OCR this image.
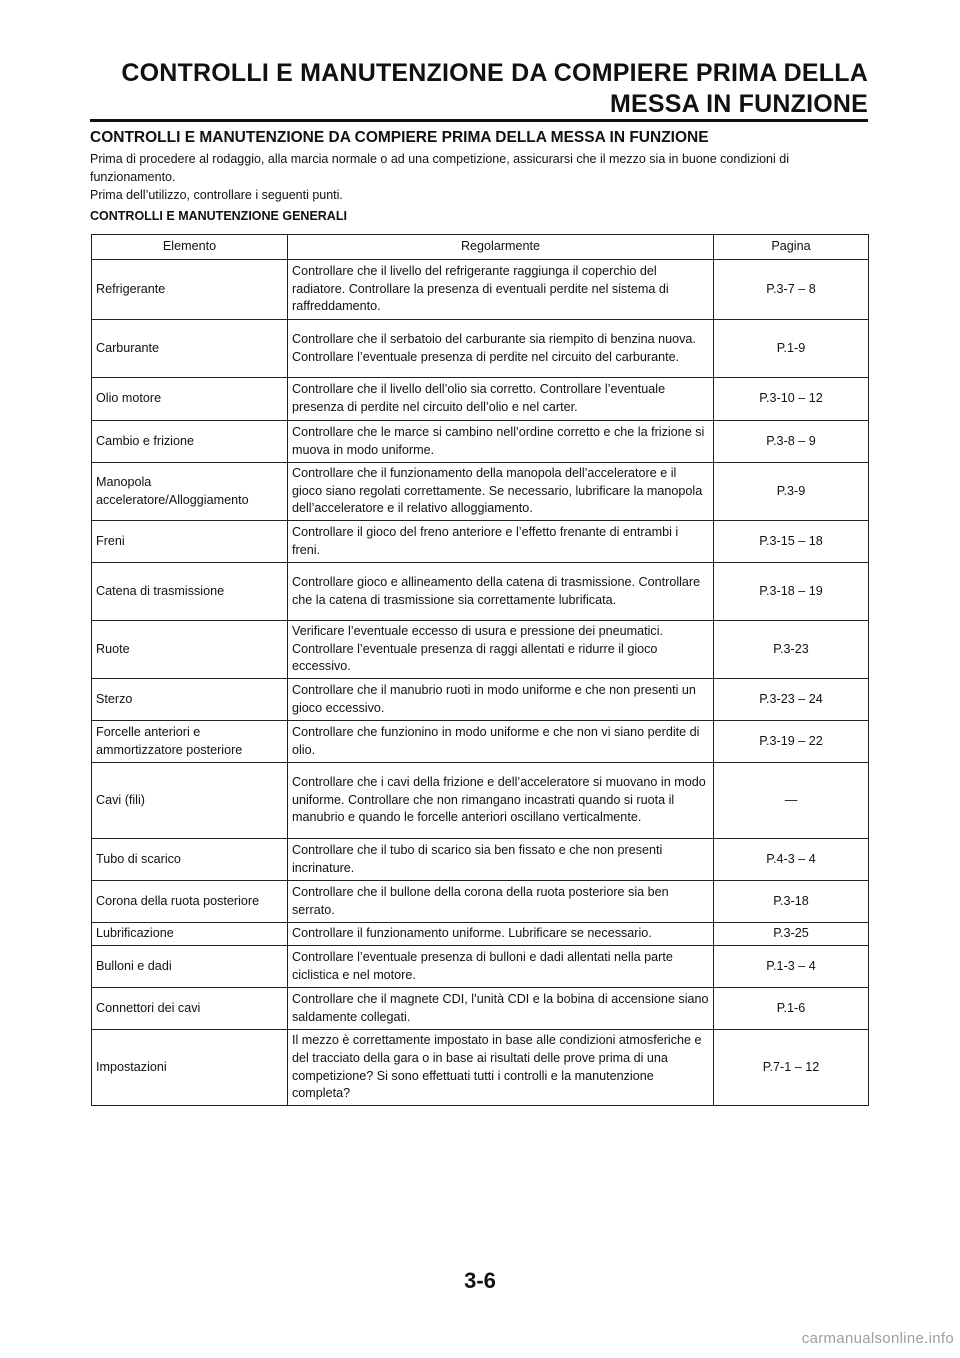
CONTROLLI E MANUTENZIONE DA COMPIERE PRIMA DELLA
MESSA IN FUNZIONE
CONTROLLI E MANUTENZIONE DA COMPIERE PRIMA DELLA MESSA IN FUNZIONE

Prima di procedere al rodaggio, alla marcia normale o ad una competizione, assicurarsi che il mezzo sia in buone condizioni di funzionamento.

Prima dell’utilizzo, controllare i seguenti punti.

CONTROLLI E MANUTENZIONE GENERALI
Elemento	Regolarmente	Pagina
Refrigerante	Controllare che il livello del refrigerante raggiunga il coperchio del radiatore. Controllare la presenza di eventuali perdite nel sistema di raffreddamento.	P.3-7 – 8
Carburante	Controllare che il serbatoio del carburante sia riempito di benzina nuova. Controllare l’eventuale presenza di perdite nel circuito del carburante.	P.1-9
Olio motore	Controllare che il livello dell’olio sia corretto. Controllare l’eventuale presenza di perdite nel circuito dell’olio e nel carter.	P.3-10 – 12
Cambio e frizione	Controllare che le marce si cambino nell’ordine corretto e che la frizione si muova in modo uniforme.	P.3-8 – 9
Manopola acceleratore/Alloggiamento	Controllare che il funzionamento della manopola dell’acceleratore e il gioco siano regolati correttamente. Se necessario, lubrificare la manopola dell’acceleratore e il relativo alloggiamento.	P.3-9
Freni	Controllare il gioco del freno anteriore e l’effetto frenante di entrambi i freni.	P.3-15 – 18
Catena di trasmissione	Controllare gioco e allineamento della catena di trasmissione. Controllare che la catena di trasmissione sia correttamente lubrificata.	P.3-18 – 19
Ruote	Verificare l’eventuale eccesso di usura e pressione dei pneumatici. Controllare l’eventuale presenza di raggi allentati e ridurre il gioco eccessivo.	P.3-23
Sterzo	Controllare che il manubrio ruoti in modo uniforme e che non presenti un gioco eccessivo.	P.3-23 – 24
Forcelle anteriori e ammortizzatore posteriore	Controllare che funzionino in modo uniforme e che non vi siano perdite di olio.	P.3-19 – 22
Cavi (fili)	Controllare che i cavi della frizione e dell’acceleratore si muovano in modo uniforme. Controllare che non rimangano incastrati quando si ruota il manubrio e quando le forcelle anteriori oscillano verticalmente.	—
Tubo di scarico	Controllare che il tubo di scarico sia ben fissato e che non presenti incrinature.	P.4-3 – 4
Corona della ruota posteriore	Controllare che il bullone della corona della ruota posteriore sia ben serrato.	P.3-18
Lubrificazione	Controllare il funzionamento uniforme. Lubrificare se necessario.	P.3-25
Bulloni e dadi	Controllare l’eventuale presenza di bulloni e dadi allentati nella parte ciclistica e nel motore.	P.1-3 – 4
Connettori dei cavi	Controllare che il magnete CDI, l’unità CDI e la bobina di accensione siano saldamente collegati.	P.1-6
Impostazioni	Il mezzo è correttamente impostato in base alle condizioni atmosferiche e del tracciato della gara o in base ai risultati delle prove prima di una competizione? Si sono effettuati tutti i controlli e la manutenzione completa?	P.7-1 – 12
3-6
carmanualsonline.info
